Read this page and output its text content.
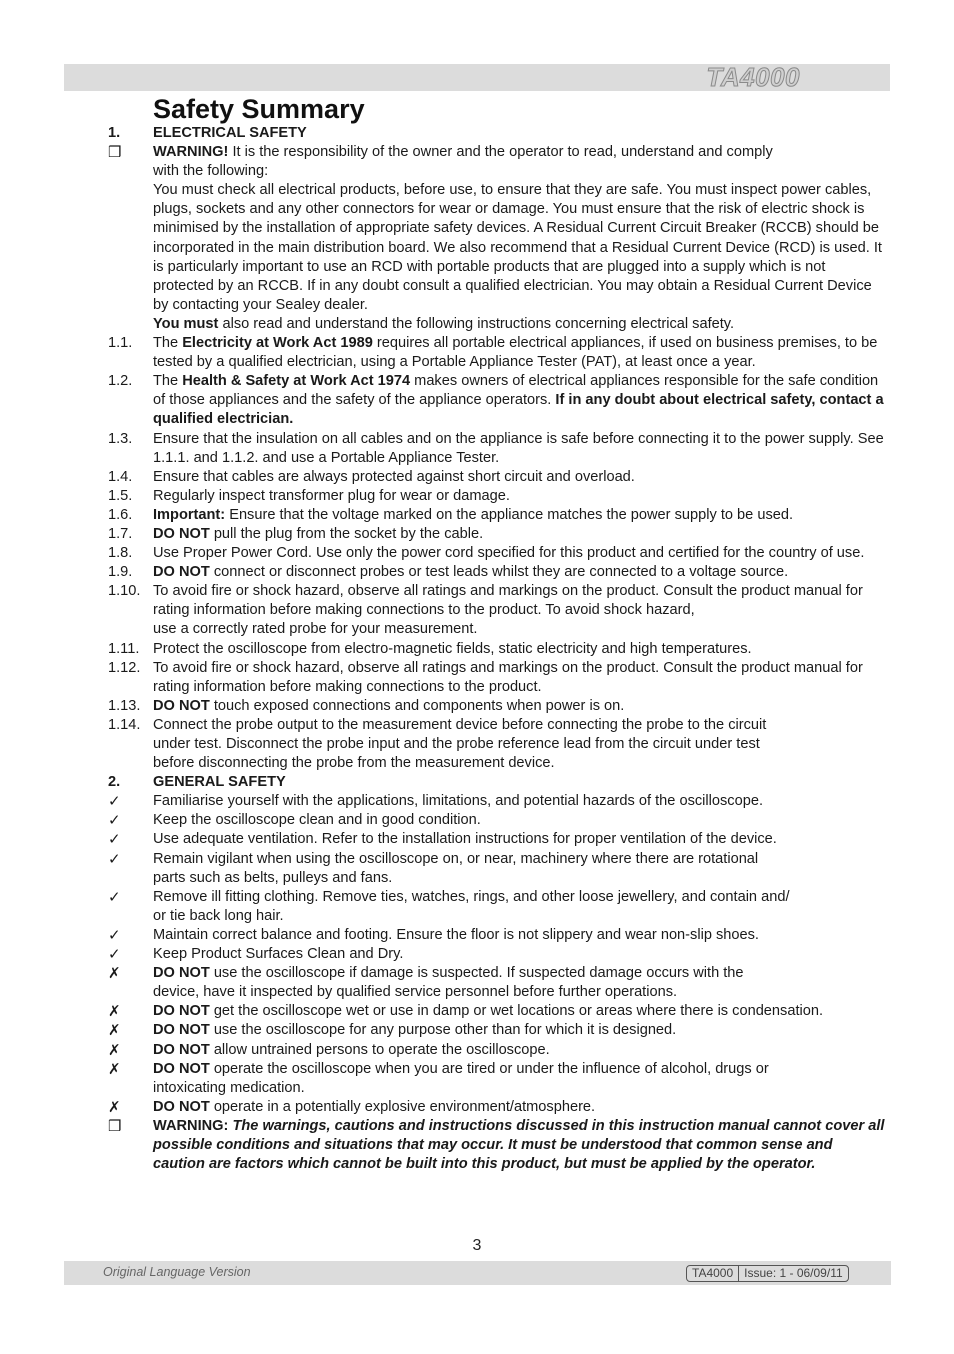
TA4000
Safety Summary
1. ELECTRICAL SAFETY
❒ WARNING! It is the responsibility of the owner and the operator to read, understand and comply
with the following:
You must check all electrical products, before use, to ensure that they are safe. You must inspect power cables, plugs, sockets and any other connectors for wear or damage. You must ensure that the risk of electric shock is minimised by the installation of appropriate safety devices. A Residual Current Circuit Breaker (RCCB) should be incorporated in the main distribution board. We also recommend that a Residual Current Device (RCD) is used. It is particularly important to use an RCD with portable products that are plugged into a supply which is not protected by an RCCB. If in any doubt consult a qualified electrician. You may obtain a Residual Current Device by contacting your Sealey dealer.
You must also read and understand the following instructions concerning electrical safety.
1.1. The Electricity at Work Act 1989 requires all portable electrical appliances, if used on business premises, to be tested by a qualified electrician, using a Portable Appliance Tester (PAT), at least once a year.
1.2. The Health & Safety at Work Act 1974 makes owners of electrical appliances responsible for the safe condition of those appliances and the safety of the appliance operators. If in any doubt about electrical safety, contact a qualified electrician.
1.3. Ensure that the insulation on all cables and on the appliance is safe before connecting it to the power supply. See 1.1.1. and 1.1.2. and use a Portable Appliance Tester.
1.4. Ensure that cables are always protected against short circuit and overload.
1.5. Regularly inspect transformer plug for wear or damage.
1.6. Important: Ensure that the voltage marked on the appliance matches the power supply to be used.
1.7. DO NOT pull the plug from the socket by the cable.
1.8. Use Proper Power Cord. Use only the power cord specified for this product and certified for the country of use.
1.9. DO NOT connect or disconnect probes or test leads whilst they are connected to a voltage source.
1.10. To avoid fire or shock hazard, observe all ratings and markings on the product. Consult the product manual for rating information before making connections to the product. To avoid shock hazard,
use a correctly rated probe for your measurement.
1.11. Protect the oscilloscope from electro-magnetic fields, static electricity and high temperatures.
1.12. To avoid fire or shock hazard, observe all ratings and markings on the product. Consult the product manual for rating information before making connections to the product.
1.13. DO NOT touch exposed connections and components when power is on.
1.14. Connect the probe output to the measurement device before connecting the probe to the circuit
under test. Disconnect the probe input and the probe reference lead from the circuit under test
before disconnecting the probe from the measurement device.
2. GENERAL SAFETY
✓ Familiarise yourself with the applications, limitations, and potential hazards of the oscilloscope.
✓ Keep the oscilloscope clean and in good condition.
✓ Use adequate ventilation. Refer to the installation instructions for proper ventilation of the device.
✓ Remain vigilant when using the oscilloscope on, or near, machinery where there are rotational
parts such as belts, pulleys and fans.
✓ Remove ill fitting clothing. Remove ties, watches, rings, and other loose jewellery, and contain and/
or tie back long hair.
✓ Maintain correct balance and footing. Ensure the floor is not slippery and wear non-slip shoes.
✓ Keep Product Surfaces Clean and Dry.
✗ DO NOT use the oscilloscope if damage is suspected. If suspected damage occurs with the
device, have it inspected by qualified service personnel before further operations.
✗ DO NOT get the oscilloscope wet or use in damp or wet locations or areas where there is condensation.
✗ DO NOT use the oscilloscope for any purpose other than for which it is designed.
✗ DO NOT allow untrained persons to operate the oscilloscope.
✗ DO NOT operate the oscilloscope when you are tired or under the influence of alcohol, drugs or
intoxicating medication.
✗ DO NOT operate in a potentially explosive environment/atmosphere.
❒ WARNING: The warnings, cautions and instructions discussed in this instruction manual cannot cover all possible conditions and situations that may occur. It must be understood that common sense and caution are factors which cannot be built into this product, but must be applied by the operator.
3
Original Language Version	TA4000 Issue: 1 - 06/09/11
